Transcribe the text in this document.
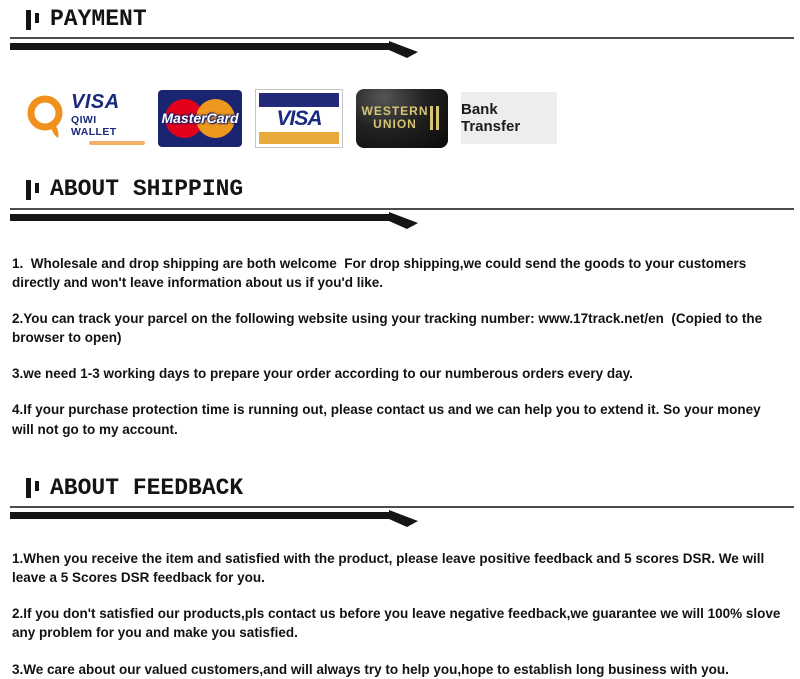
PAYMENT
VISA
QIWI WALLET
MasterCard VISA	WESTERN
UNION
Bank Transfer
ABOUT SHIPPING

1.  Wholesale and drop shipping are both welcome  For drop shipping,we could send the goods to your customers directly and won't leave information about us if you'd like.

2.You can track your parcel on the following website using your tracking number: www.17track.net/en  (Copied to the browser to open)

3.we need 1-3 working days to prepare your order according to our numberous orders every day.

4.If your purchase protection time is running out, please contact us and we can help you to extend it. So your money will not go to my account.

ABOUT FEEDBACK

1.When you receive the item and satisfied with the product, please leave positive feedback and 5 scores DSR. We will leave a 5 Scores DSR feedback for you.

2.If you don't satisfied our products,pls contact us before you leave negative feedback,we guarantee we will 100% slove any problem for you and make you satisfied.

3.We care about our valued customers,and will always try to help you,hope to establish long business with you.
